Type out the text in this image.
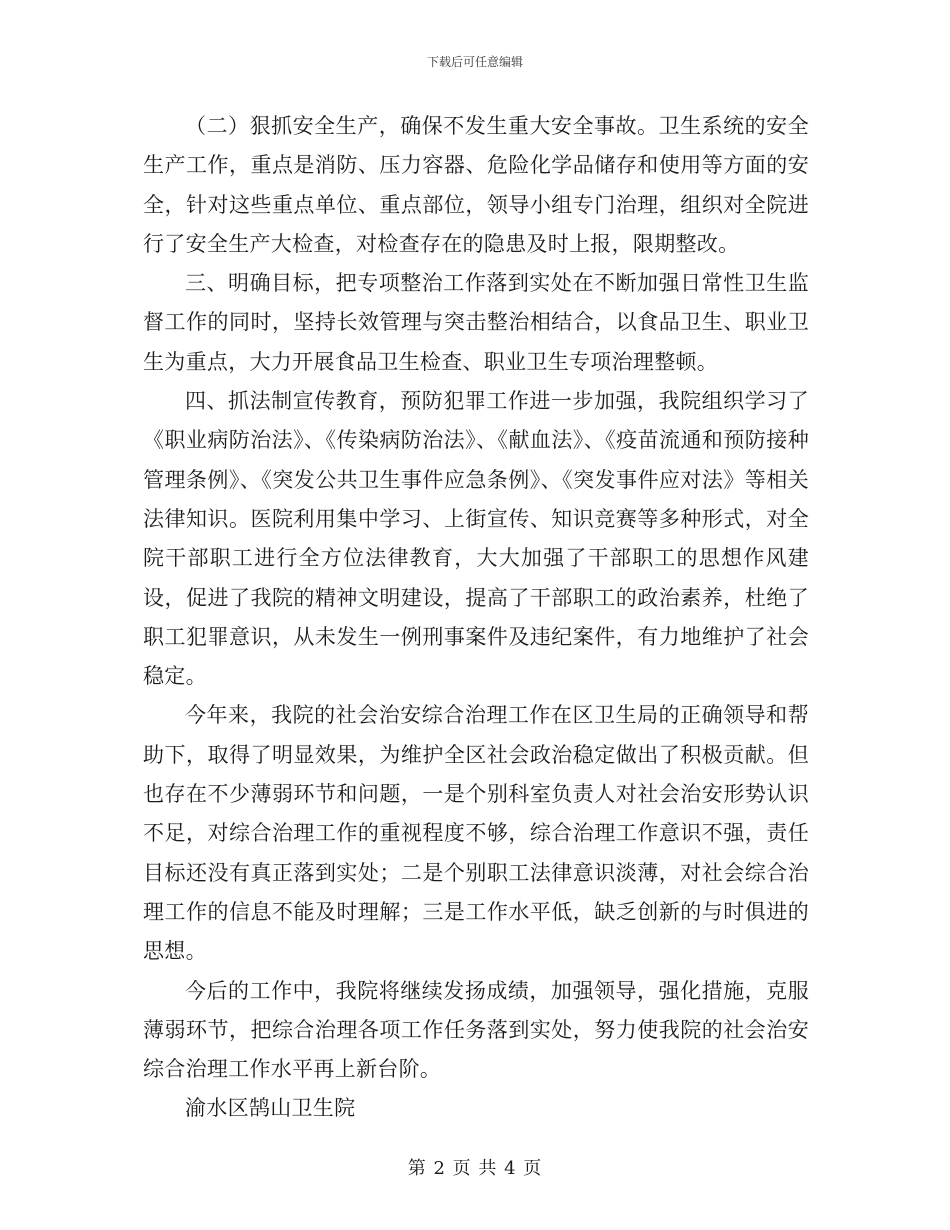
下载后可任意编辑

（二）狠抓安全生产，确保不发生重大安全事故。卫生系统的安全生产工作，重点是消防、压力容器、危险化学品储存和使用等方面的安全，针对这些重点单位、重点部位，领导小组专门治理，组织对全院进行了安全生产大检查，对检查存在的隐患及时上报，限期整改。

三、明确目标，把专项整治工作落到实处在不断加强日常性卫生监督工作的同时，坚持长效管理与突击整治相结合，以食品卫生、职业卫生为重点，大力开展食品卫生检查、职业卫生专项治理整顿。

四、抓法制宣传教育，预防犯罪工作进一步加强，我院组织学习了《职业病防治法》、《传染病防治法》、《献血法》、《疫苗流通和预防接种管理条例》、《突发公共卫生事件应急条例》、《突发事件应对法》等相关法律知识。医院利用集中学习、上街宣传、知识竞赛等多种形式，对全院干部职工进行全方位法律教育，大大加强了干部职工的思想作风建设，促进了我院的精神文明建设，提高了干部职工的政治素养，杜绝了职工犯罪意识，从未发生一例刑事案件及违纪案件，有力地维护了社会稳定。

今年来，我院的社会治安综合治理工作在区卫生局的正确领导和帮助下，取得了明显效果，为维护全区社会政治稳定做出了积极贡献。但也存在不少薄弱环节和问题，一是个别科室负责人对社会治安形势认识不足，对综合治理工作的重视程度不够，综合治理工作意识不强，责任目标还没有真正落到实处；二是个别职工法律意识淡薄，对社会综合治理工作的信息不能及时理解；三是工作水平低，缺乏创新的与时俱进的思想。

今后的工作中，我院将继续发扬成绩，加强领导，强化措施，克服薄弱环节，把综合治理各项工作任务落到实处，努力使我院的社会治安综合治理工作水平再上新台阶。

渝水区鹄山卫生院

第 2 页 共 4 页
